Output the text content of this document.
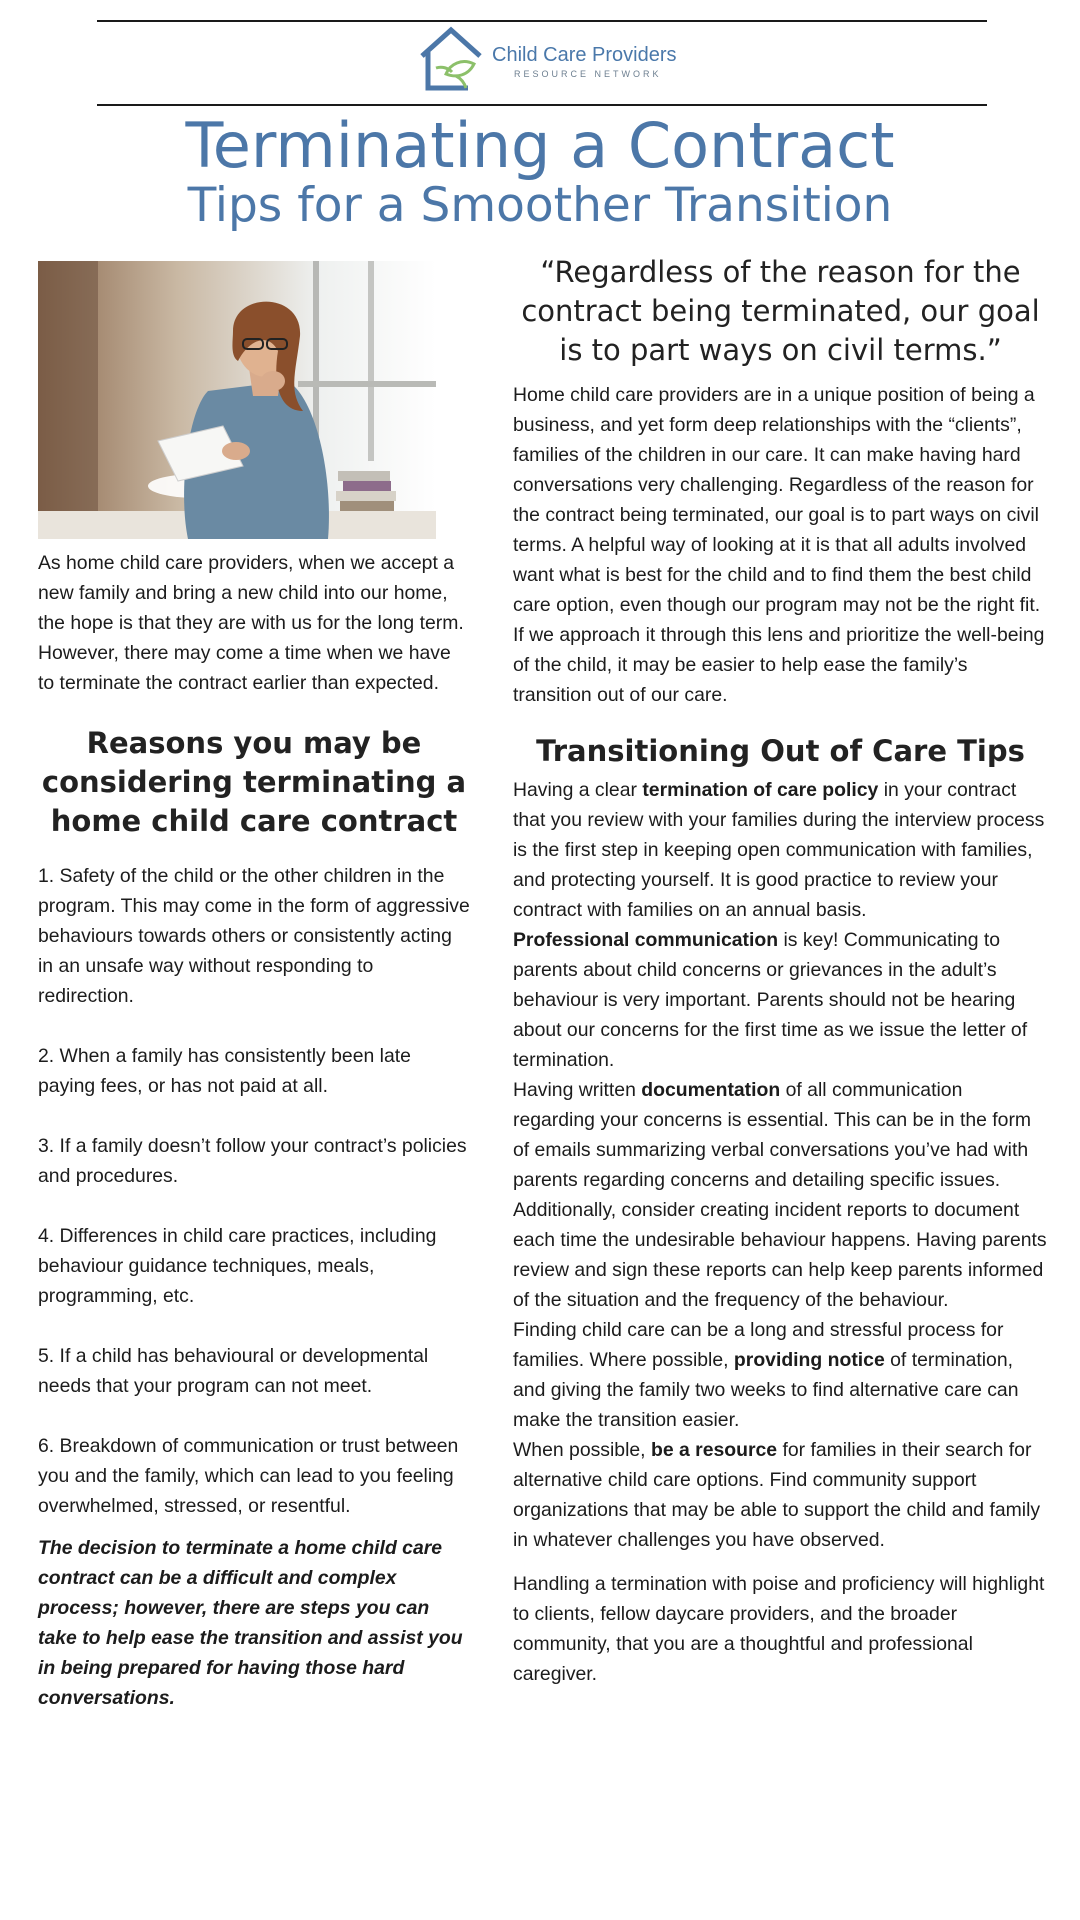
Child Care Providers
RESOURCE NETWORK
Terminating a Contract
Tips for a Smoother Transition

As home child care providers, when we accept a new family and bring a new child into our home, the hope is that they are with us for the long term. However, there may come a time when we have to terminate the contract earlier than expected.

Reasons you may be considering terminating a home child care contract

1. Safety of the child or the other children in the program. This may come in the form of aggressive behaviours towards others or consistently acting in an unsafe way without responding to redirection.

2. When a family has consistently been late paying fees, or has not paid at all.

3. If a family doesn’t follow your contract’s policies and procedures.

4. Differences in child care practices, including behaviour guidance techniques, meals, programming, etc.

5. If a child has behavioural or developmental needs that your program can not meet.

6. Breakdown of communication or trust between you and the family, which can lead to you feeling overwhelmed, stressed, or resentful.

The decision to terminate a home child care contract can be a difficult and complex process; however, there are steps you can take to help ease the transition and assist you in being prepared for having those hard conversations.

“Regardless of the reason for the contract being terminated, our goal is to part ways on civil terms.”

Home child care providers are in a unique position of being a business, and yet form deep relationships with the “clients”, families of the children in our care. It can make having hard conversations very challenging. Regardless of the reason for the contract being terminated, our goal is to part ways on civil terms. A helpful way of looking at it is that all adults involved want what is best for the child and to find them the best child care option, even though our program may not be the right fit. If we approach it through this lens and prioritize the well-being of the child, it may be easier to help ease the family’s transition out of our care.

Transitioning Out of Care Tips

Having a clear termination of care policy in your contract that you review with your families during the interview process is the first step in keeping open communication with families, and protecting yourself. It is good practice to review your contract with families on an annual basis.

Professional communication is key! Communicating to parents about child concerns or grievances in the adult’s behaviour is very important. Parents should not be hearing about our concerns for the first time as we issue the letter of termination.

Having written documentation of all communication regarding your concerns is essential. This can be in the form of emails summarizing verbal conversations you’ve had with parents regarding concerns and detailing specific issues. Additionally, consider creating incident reports to document each time the undesirable behaviour happens. Having parents review and sign these reports can help keep parents informed of the situation and the frequency of the behaviour.

Finding child care can be a long and stressful process for families. Where possible, providing notice of termination, and giving the family two weeks to find alternative care can make the transition easier.

When possible, be a resource for families in their search for alternative child care options. Find community support organizations that may be able to support the child and family in whatever challenges you have observed.

Handling a termination with poise and proficiency will highlight to clients, fellow daycare providers, and the broader community, that you are a thoughtful and professional caregiver.
